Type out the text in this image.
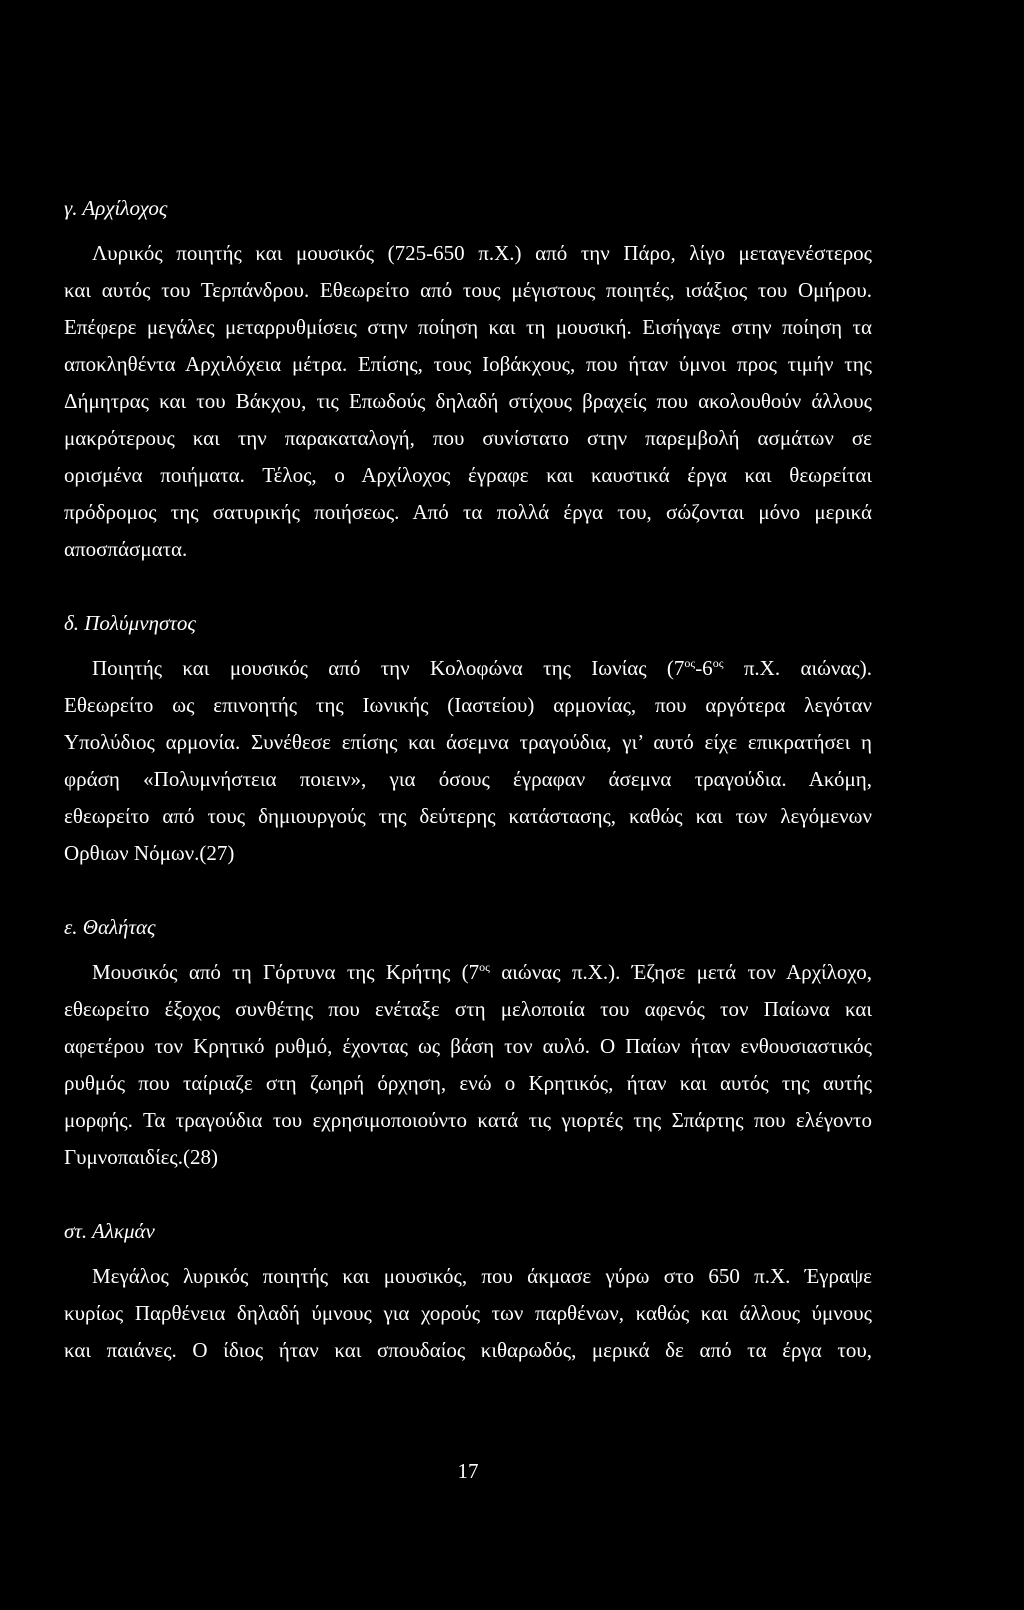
γ. Αρχίλοχος
Λυρικός ποιητής και μουσικός (725-650 π.Χ.) από την Πάρο, λίγο μεταγενέστερος
και αυτός του Τερπάνδρου. Εθεωρείτο από τους μέγιστους ποιητές, ισάξιος του Ομήρου.
Επέφερε μεγάλες μεταρρυθμίσεις στην ποίηση και τη μουσική. Εισήγαγε στην ποίηση τα
αποκληθέντα Αρχιλόχεια μέτρα. Επίσης, τους Ιοβάκχους, που ήταν ύμνοι προς τιμήν της
Δήμητρας και του Βάκχου, τις Επωδούς δηλαδή στίχους βραχείς που ακολουθούν άλλους
μακρότερους και την παρακαταλογή, που συνίστατο στην παρεμβολή ασμάτων σε
ορισμένα ποιήματα. Τέλος, ο Αρχίλοχος έγραφε και καυστικά έργα και θεωρείται
πρόδρομος της σατυρικής ποιήσεως. Από τα πολλά έργα του, σώζονται μόνο μερικά
αποσπάσματα.
δ. Πολύμνηστος
Ποιητής και μουσικός από την Κολοφώνα της Ιωνίας ($7^{o\varsigma}-6^{o\varsigma}$ π.Χ. αιώνας).
Εθεωρείτο ως επινοητής της Ιωνικής (Ιαστείου) αρμονίας, που αργότερα λεγόταν
Υπολύδιος αρμονία. Συνέθεσε επίσης και άσεμνα τραγούδια, γι’ αυτό είχε επικρατήσει η
φράση «Πολυμνήστεια ποιειν», για όσους έγραφαν άσεμνα τραγούδια. Ακόμη,
εθεωρείτο από τους δημιουργούς της δεύτερης κατάστασης, καθώς και των λεγόμενων
Ορθιων Νόμων.(27)
ε. Θαλήτας
Μουσικός από τη Γόρτυνα της Κρήτης ($7^{o\varsigma}$ αιώνας π.Χ.). Έζησε μετά τον Αρχίλοχο,
εθεωρείτο έξοχος συνθέτης που ενέταξε στη μελοποιία του αφενός τον Παίωνα και
αφετέρου τον Κρητικό ρυθμό, έχοντας ως βάση τον αυλό. Ο Παίων ήταν ενθουσιαστικός
ρυθμός που ταίριαζε στη ζωηρή όρχηση, ενώ ο Κρητικός, ήταν και αυτός της αυτής
μορφής. Τα τραγούδια του εχρησιμοποιούντο κατά τις γιορτές της Σπάρτης που ελέγοντο
Γυμνοπαιδίες.(28)
στ. Αλκμάν
Μεγάλος λυρικός ποιητής και μουσικός, που άκμασε γύρω στο 650 π.Χ. Έγραψε
κυρίως Παρθένεια δηλαδή ύμνους για χορούς των παρθένων, καθώς και άλλους ύμνους
και παιάνες. Ο ίδιος ήταν και σπουδαίος κιθαρωδός, μερικά δε από τα έργα του,
17
